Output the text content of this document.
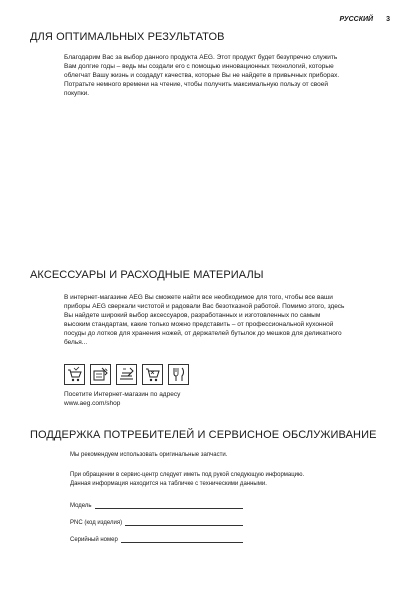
РУССКИЙ 3
ДЛЯ ОПТИМАЛЬНЫХ РЕЗУЛЬТАТОВ
Благодарим Вас за выбор данного продукта AEG. Этот продукт будет безупречно служить
Вам долгие годы – ведь мы создали его с помощью инновационных технологий, которые
облегчат Вашу жизнь и создадут качества, которые Вы не найдете в привычных приборах.
Потратьте немного времени на чтение, чтобы получить максимальную пользу от своей
покупки.
АКСЕССУАРЫ И РАСХОДНЫЕ МАТЕРИАЛЫ
В интернет-магазине AEG Вы сможете найти все необходимое для того, чтобы все ваши
приборы AEG сверкали чистотой и радовали Вас безотказной работой. Помимо этого, здесь
Вы найдете широкий выбор аксессуаров, разработанных и изготовленных по самым
высоким стандартам, какие только можно представить – от профессиональной кухонной
посуды до лотков для хранения ножей, от держателей бутылок до мешков для деликатного
белья...
Посетите Интернет-магазин по адресу
www.aeg.com/shop
ПОДДЕРЖКА ПОТРЕБИТЕЛЕЙ И СЕРВИСНОЕ ОБСЛУЖИВАНИЕ
Мы рекомендуем использовать оригинальные запчасти.
При обращении в сервис-центр следует иметь под рукой следующую информацию.
Данная информация находится на табличке с техническими данными.
Модель
PNC (код изделия)
Серийный номер
